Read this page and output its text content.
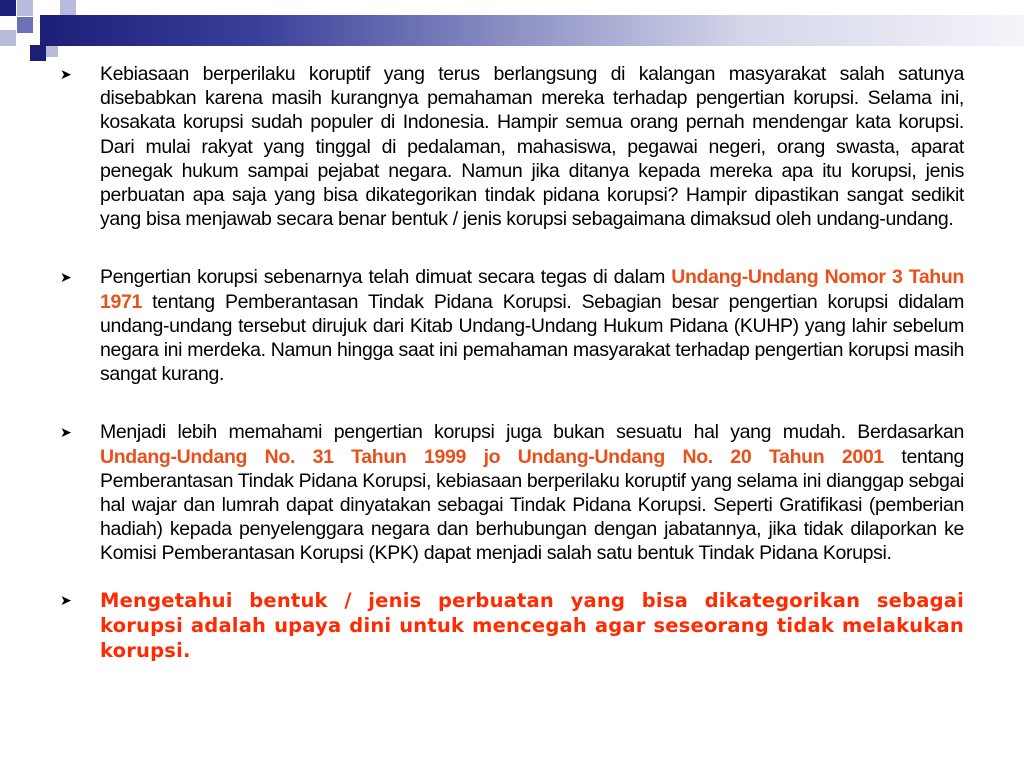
➤ Kebiasaan berperilaku koruptif yang terus berlangsung di kalangan masyarakat salah satunya disebabkan karena masih kurangnya pemahaman mereka terhadap pengertian korupsi. Selama ini, kosakata korupsi sudah populer di Indonesia. Hampir semua orang pernah mendengar kata korupsi. Dari mulai rakyat yang tinggal di pedalaman, mahasiswa, pegawai negeri, orang swasta, aparat penegak hukum sampai pejabat negara. Namun jika ditanya kepada mereka apa itu korupsi, jenis perbuatan apa saja yang bisa dikategorikan tindak pidana korupsi? Hampir dipastikan sangat sedikit yang bisa menjawab secara benar bentuk / jenis korupsi sebagaimana dimaksud oleh undang-undang.
➤ Pengertian korupsi sebenarnya telah dimuat secara tegas di dalam Undang-Undang Nomor 3 Tahun 1971 tentang Pemberantasan Tindak Pidana Korupsi. Sebagian besar pengertian korupsi didalam undang-undang tersebut dirujuk dari Kitab Undang-Undang Hukum Pidana (KUHP) yang lahir sebelum negara ini merdeka. Namun hingga saat ini pemahaman masyarakat terhadap pengertian korupsi masih sangat kurang.
➤ Menjadi lebih memahami pengertian korupsi juga bukan sesuatu hal yang mudah. Berdasarkan Undang-Undang No. 31 Tahun 1999 jo Undang-Undang No. 20 Tahun 2001 tentang Pemberantasan Tindak Pidana Korupsi, kebiasaan berperilaku koruptif yang selama ini dianggap sebgai hal wajar dan lumrah dapat dinyatakan sebagai Tindak Pidana Korupsi. Seperti Gratifikasi (pemberian hadiah) kepada penyelenggara negara dan berhubungan dengan jabatannya, jika tidak dilaporkan ke Komisi Pemberantasan Korupsi (KPK) dapat menjadi salah satu bentuk Tindak Pidana Korupsi.
➤ Mengetahui bentuk / jenis perbuatan yang bisa dikategorikan sebagai korupsi adalah upaya dini untuk mencegah agar seseorang tidak melakukan korupsi.
